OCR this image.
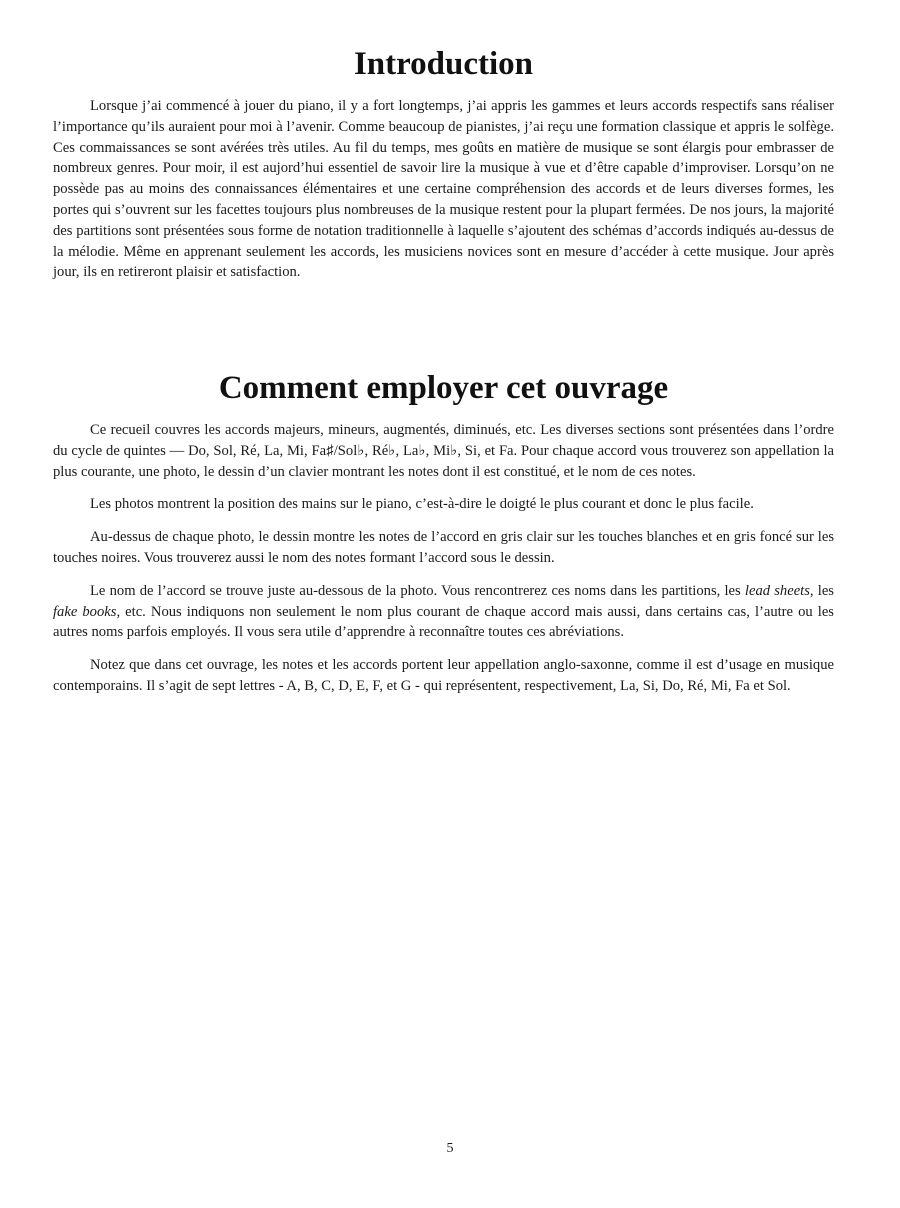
Introduction

Lorsque j’ai commencé à jouer du piano, il y a fort longtemps, j’ai appris les gammes et leurs accords respectifs sans réaliser l’importance qu’ils auraient pour moi à l’avenir. Comme beaucoup de pianistes, j’ai reçu une formation classique et appris le solfège. Ces commaissances se sont avérées très utiles. Au fil du temps, mes goûts en matière de musique se sont élargis pour embrasser de nombreux genres. Pour moir, il est aujord’hui essentiel de savoir lire la musique à vue et d’être capable d’improviser. Lorsqu’on ne possède pas au moins des connaissances élémentaires et une certaine compréhension des accords et de leurs diverses formes, les portes qui s’ouvrent sur les facettes toujours plus nombreuses de la musique restent pour la plupart fermées. De nos jours, la majorité des partitions sont présentées sous forme de notation traditionnelle à laquelle s’ajoutent des schémas d’accords indiqués au-dessus de la mélodie. Même en apprenant seulement les accords, les musiciens novices sont en mesure d’accéder à cette musique. Jour après jour, ils en retireront plaisir et satisfaction.

Comment employer cet ouvrage

Ce recueil couvres les accords majeurs, mineurs, augmentés, diminués, etc. Les diverses sections sont présentées dans l’ordre du cycle de quintes — Do, Sol, Ré, La, Mi, Fa♯/Sol♭, Ré♭, La♭, Mi♭, Si, et Fa. Pour chaque accord vous trouverez son appellation la plus courante, une photo, le dessin d’un clavier montrant les notes dont il est constitué, et le nom de ces notes.

Les photos montrent la position des mains sur le piano, c’est-à-dire le doigté le plus courant et donc le plus facile.

Au-dessus de chaque photo, le dessin montre les notes de l’accord en gris clair sur les touches blanches et en gris foncé sur les touches noires. Vous trouverez aussi le nom des notes formant l’accord sous le dessin.

Le nom de l’accord se trouve juste au-dessous de la photo. Vous rencontrerez ces noms dans les partitions, les lead sheets, les fake books, etc. Nous indiquons non seulement le nom plus courant de chaque accord mais aussi, dans certains cas, l’autre ou les autres noms parfois employés. Il vous sera utile d’apprendre à reconnaître toutes ces abréviations.

Notez que dans cet ouvrage, les notes et les accords portent leur appellation anglo-saxonne, comme il est d’usage en musique contemporains. Il s’agit de sept lettres - A, B, C, D, E, F, et G - qui représentent, respectivement, La, Si, Do, Ré, Mi, Fa et Sol.

5
